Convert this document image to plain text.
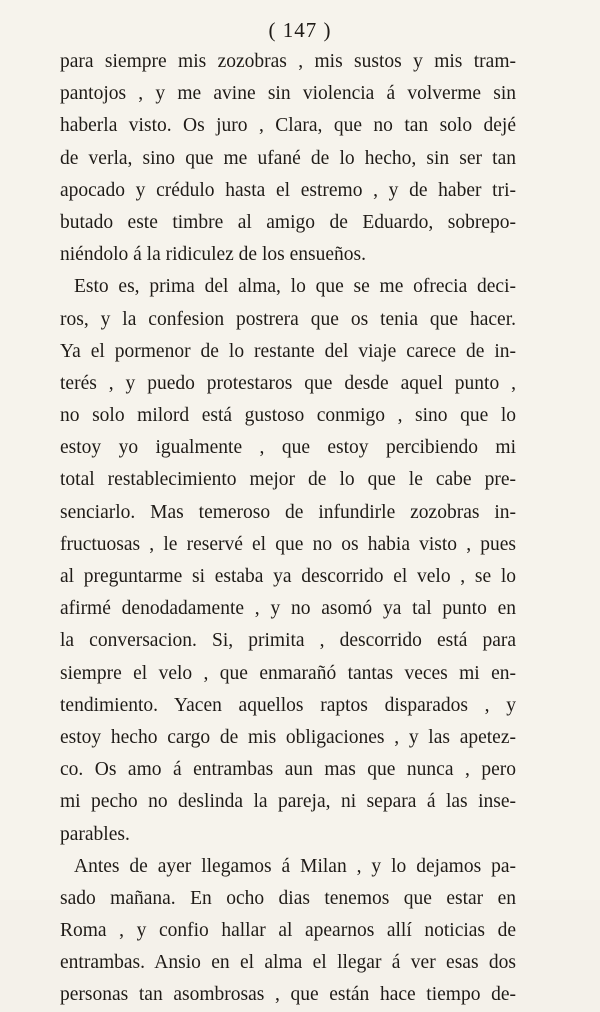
( 147 )
para siempre mis zozobras , mis sustos y mis tram-
pantojos , y me avine sin violencia á volverme sin
haberla visto. Os juro , Clara, que no tan solo dejé
de verla, sino que me ufané de lo hecho, sin ser tan
apocado y crédulo hasta el estremo , y de haber tri-
butado este timbre al amigo de Eduardo, sobrepo-
niéndolo á la ridiculez de los ensueños.
Esto es, prima del alma, lo que se me ofrecia deci-
ros, y la confesion postrera que os tenia que hacer.
Ya el pormenor de lo restante del viaje carece de in-
terés , y puedo protestaros que desde aquel punto ,
no solo milord está gustoso conmigo , sino que lo
estoy yo igualmente , que estoy percibiendo mi
total restablecimiento mejor de lo que le cabe pre-
senciarlo. Mas temeroso de infundirle zozobras in-
fructuosas , le reservé el que no os habia visto , pues
al preguntarme si estaba ya descorrido el velo , se lo
afirmé denodadamente , y no asomó ya tal punto en
la conversacion. Si, primita , descorrido está para
siempre el velo , que enmarañó tantas veces mi en-
tendimiento. Yacen aquellos raptos disparados , y
estoy hecho cargo de mis obligaciones , y las apetez-
co. Os amo á entrambas aun mas que nunca , pero
mi pecho no deslinda la pareja, ni separa á las inse-
parables.
Antes de ayer llegamos á Milan , y lo dejamos pa-
sado mañana. En ocho dias tenemos que estar en
Roma , y confio hallar al apearnos allí noticias de
entrambas. Ansio en el alma el llegar á ver esas dos
personas tan asombrosas , que están hace tiempo de-
